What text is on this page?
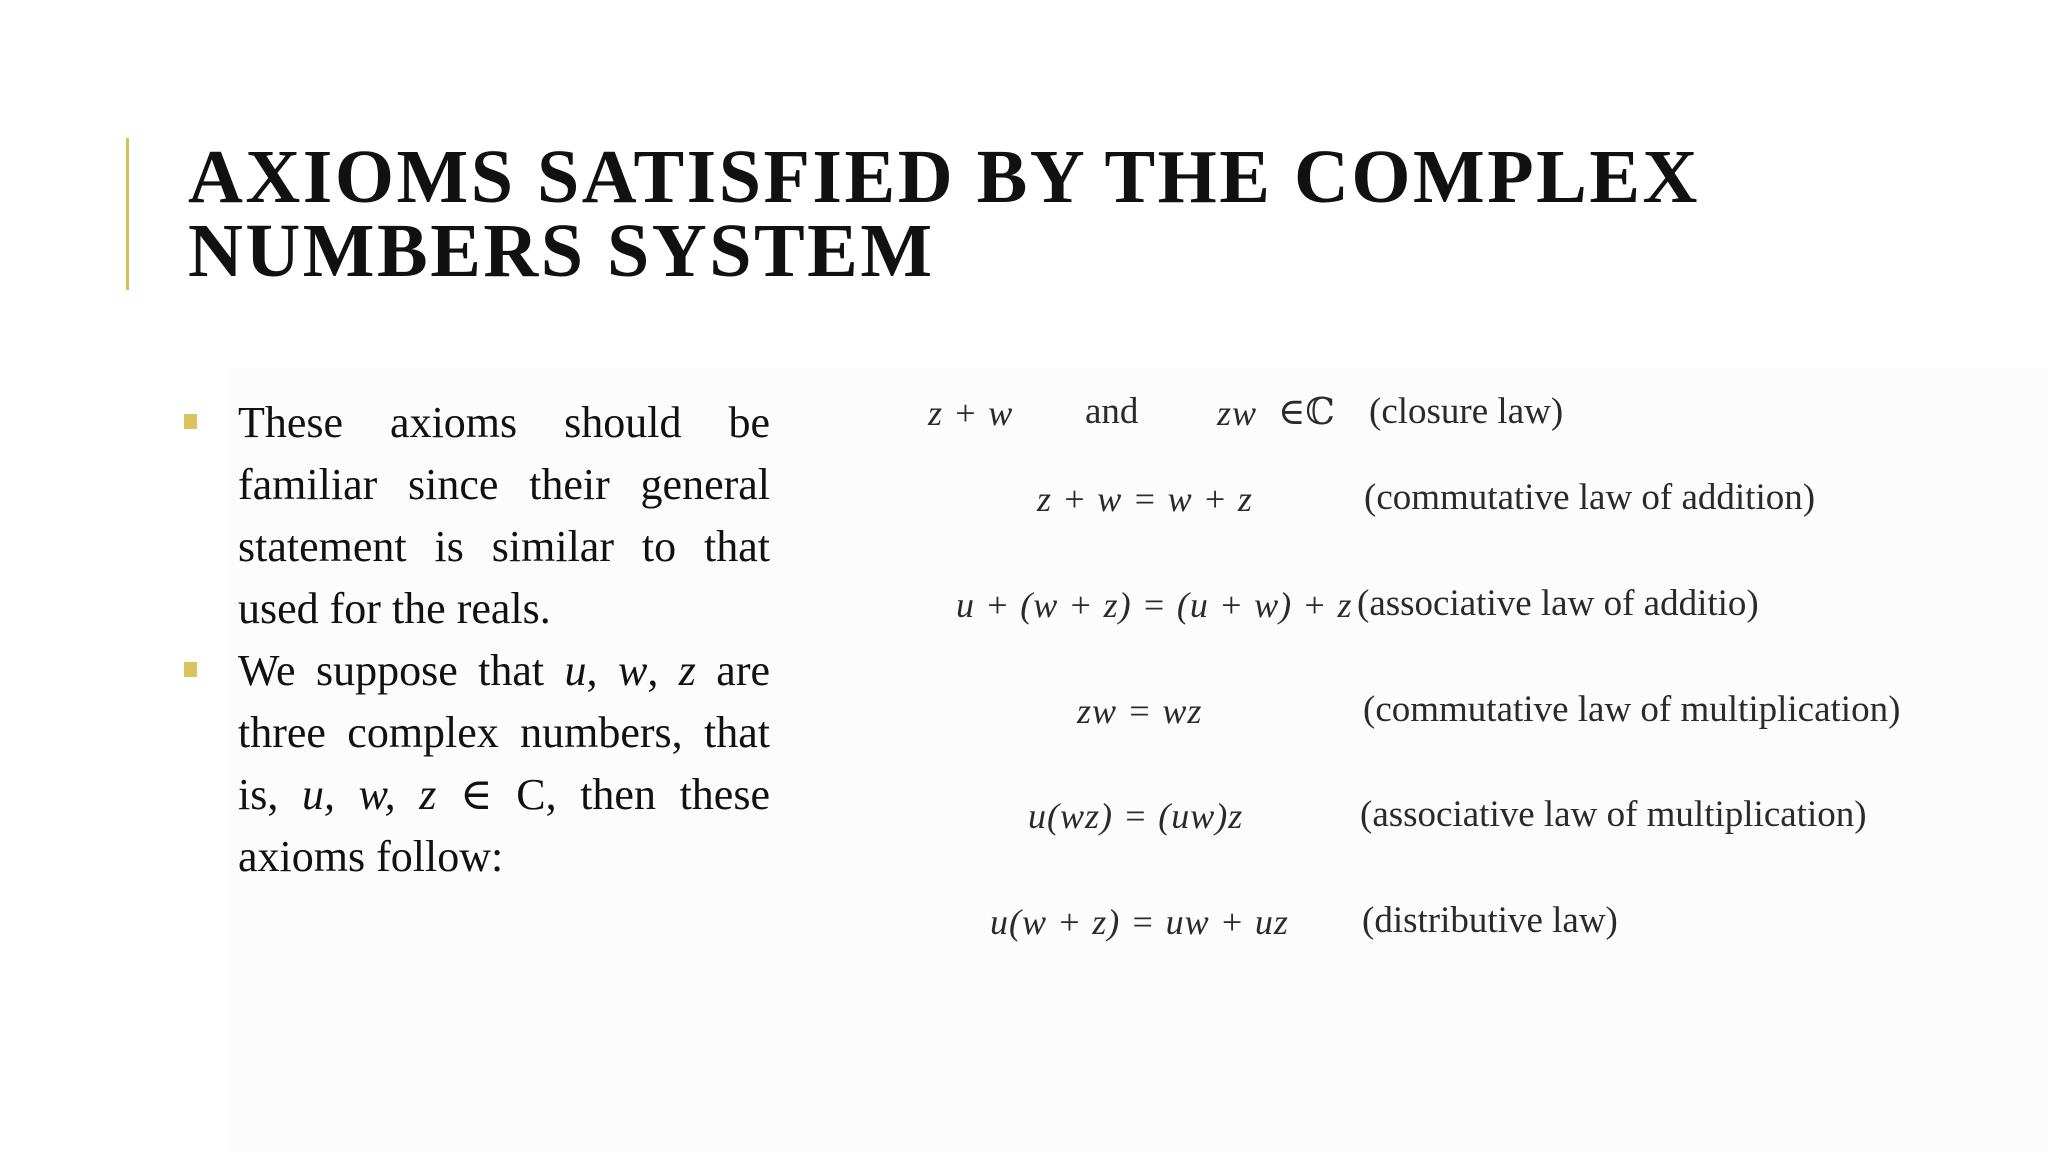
AXIOMS SATISFIED BY THE COMPLEX
NUMBERS SYSTEM
These axioms should be familiar since their general statement is similar to that used for the reals.
We suppose that u, w, z are three complex numbers, that is, u, w, z ∈ C, then these axioms follow:
z + w and zw ∈ℂ (closure law)
z + w = w + z	(commutative law of addition)
u + (w + z) = (u + w) + z (associative law of additio)
zw = wz	(commutative law of multiplication)
u(wz) = (uw)z	(associative law of multiplication)
u(w + z) = uw + uz (distributive law)
